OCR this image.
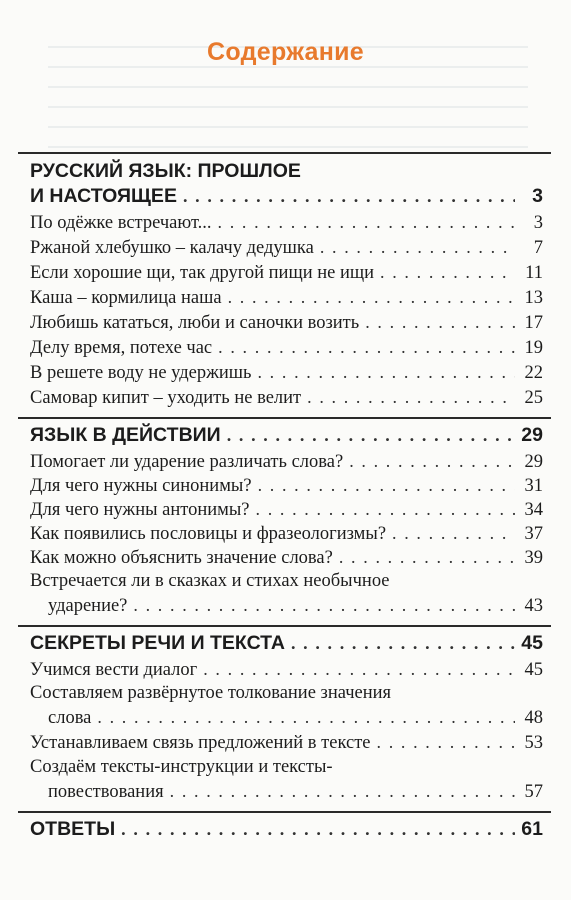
Содержание
РУССКИЙ ЯЗЫК: ПРОШЛОЕ
И НАСТОЯЩЕЕ . . .	3
По одёжке встречают... . . .	3
Ржаной хлебушко – калачу дедушка . . .	7
Если хорошие щи, так другой пищи не ищи . . .	11
Каша – кормилица наша . . .	13
Любишь кататься, люби и саночки возить . . .	17
Делу время, потехе час . . .	19
В решете воду не удержишь . . .	22
Самовар кипит – уходить не велит . . .	25
ЯЗЫК В ДЕЙСТВИИ . . .	29
Помогает ли ударение различать слова? . . .	29
Для чего нужны синонимы? . . .	31
Для чего нужны антонимы? . . .	34
Как появились пословицы и фразеологизмы? . . .	37
Как можно объяснить значение слова? . . .	39
Встречается ли в сказках и стихах необычное
ударение? . . .	43
СЕКРЕТЫ РЕЧИ И ТЕКСТА . . .	45
Учимся вести диалог . . .	45
Составляем развёрнутое толкование значения
слова . . .	48
Устанавливаем связь предложений в тексте . . .	53
Создаём тексты-инструкции и тексты-
повествования . . .	57
ОТВЕТЫ . . .	61
